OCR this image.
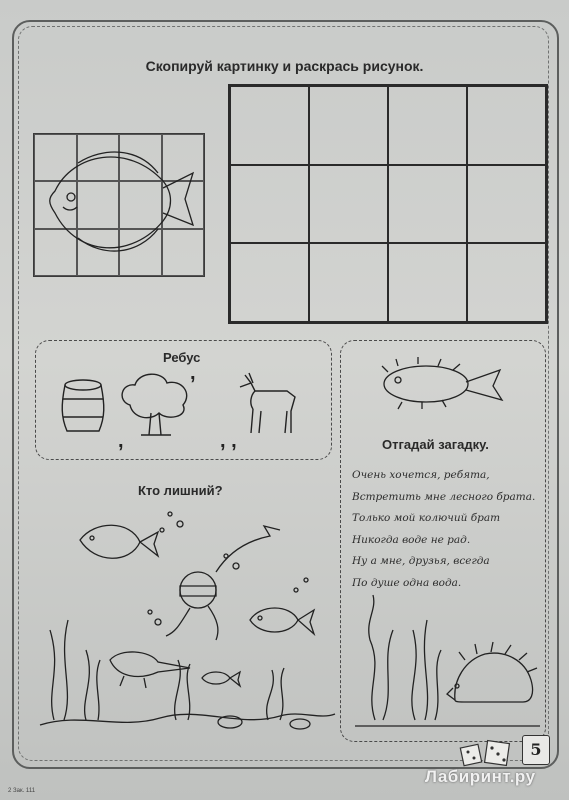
Скопируй картинку и раскрась рисунок.
Ребус
,	, ,
,
Отгадай загадку.
Очень хочется, ребята,
Встретить мне лесного брата.
Только мой колючий брат
Никогда воде не рад.
Ну а мне, друзья, всегда
По душе одна вода.
Кто лишний?
5
Лабиринт.ру
2 Зак. 111
